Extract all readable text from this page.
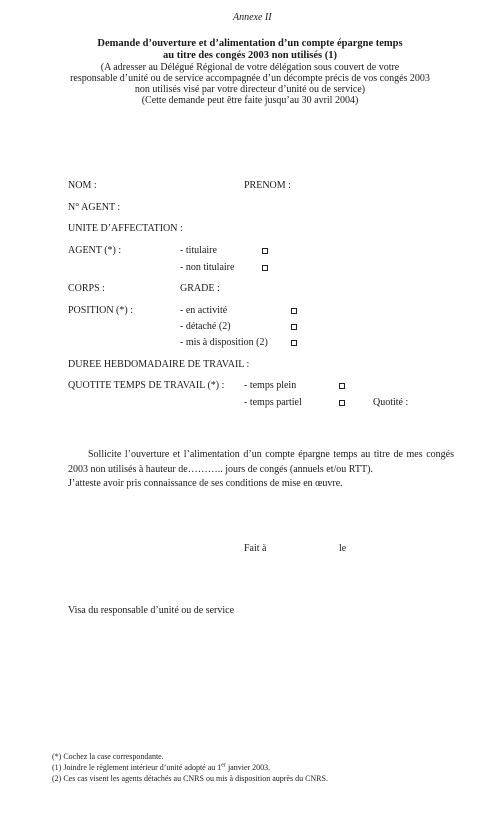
Annexe II
Demande d’ouverture et d’alimentation d’un compte épargne temps
au titre des congés 2003 non utilisés (1)
(A adresser au Délégué Régional de votre délégation sous couvert de votre
responsable d’unité ou de service accompagnée d’un décompte précis de vos congés 2003
non utilisés visé par votre directeur d’unité ou de service)
(Cette demande peut être faite jusqu’au 30 avril 2004)
NOM :	PRENOM :
N° AGENT :
UNITE D’AFFECTATION :
AGENT (*) :	- titulaire
- non titulaire
CORPS :	GRADE :
POSITION (*) :	- en activité
- détaché (2)
- mis à disposition (2)
DUREE HEBDOMADAIRE DE TRAVAIL :
QUOTITE TEMPS DE TRAVAIL (*) : - temps plein
- temps partiel	Quotité :
Sollicite l’ouverture et l’alimentation d’un compte épargne temps au titre de mes congés 2003 non utilisés à hauteur de……….. jours de congés (annuels et/ou RTT).
J’atteste avoir pris connaissance de ses conditions de mise en œuvre.
Fait à	le
Visa du responsable d’unité ou de service
(*) Cochez la case correspondante.
(1) Joindre le règlement intérieur d’unité adopté au 1er janvier 2003.
(2) Ces cas visent les agents détachés au CNRS ou mis à disposition auprès du CNRS.
